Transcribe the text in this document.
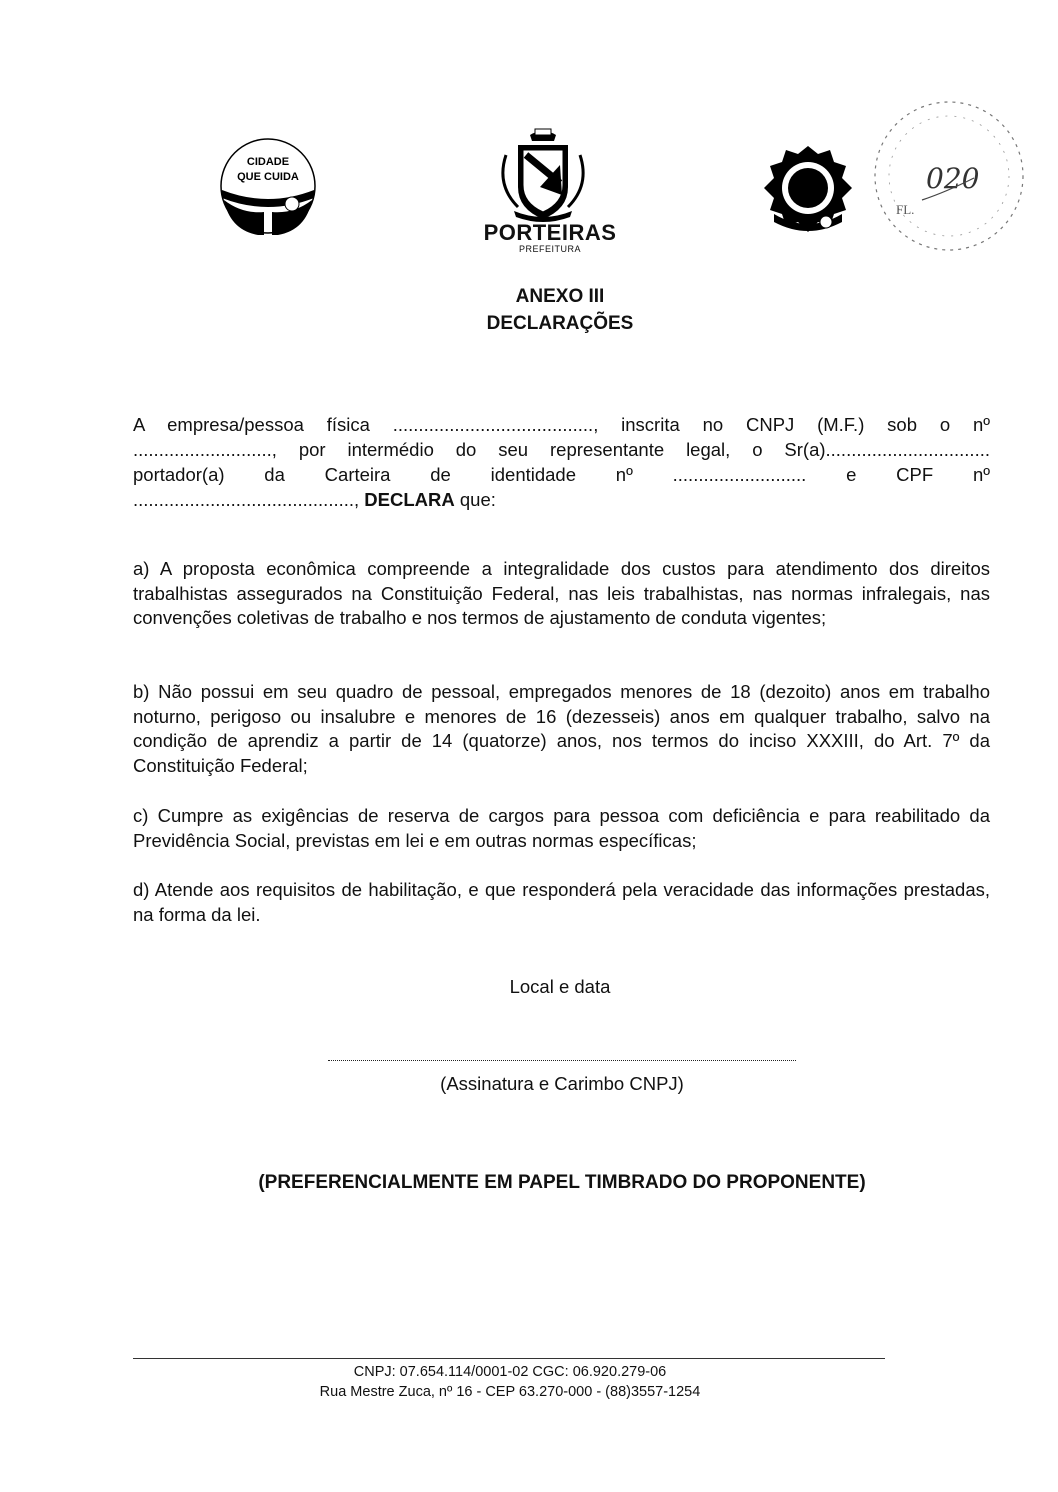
CIDADE
QUE CUIDA
PORTEIRAS
PREFEITURA
FL.
020
ANEXO III
DECLARAÇÕES
A empresa/pessoa física ......................................., inscrita no CNPJ (M.F.) sob o nº
..........................., por intermédio do seu representante legal, o Sr(a)................................
portador(a) da Carteira de identidade nº .......................... e CPF nº
..........................................., DECLARA que:
a) A proposta econômica compreende a integralidade dos custos para atendimento dos direitos trabalhistas assegurados na Constituição Federal, nas leis trabalhistas, nas normas infralegais, nas convenções coletivas de trabalho e nos termos de ajustamento de conduta vigentes;
b) Não possui em seu quadro de pessoal, empregados menores de 18 (dezoito) anos em trabalho noturno, perigoso ou insalubre e menores de 16 (dezesseis) anos em qualquer trabalho, salvo na condição de aprendiz a partir de 14 (quatorze) anos, nos termos do inciso XXXIII, do Art. 7º da Constituição Federal;
c) Cumpre as exigências de reserva de cargos para pessoa com deficiência e para reabilitado da Previdência Social, previstas em lei e em outras normas específicas;
d) Atende aos requisitos de habilitação, e que responderá pela veracidade das informações prestadas, na forma da lei.
Local e data
(Assinatura e Carimbo CNPJ)
(PREFERENCIALMENTE EM PAPEL TIMBRADO DO PROPONENTE)
CNPJ: 07.654.114/0001-02 CGC: 06.920.279-06
Rua Mestre Zuca, nº 16 - CEP 63.270-000 - (88)3557-1254
